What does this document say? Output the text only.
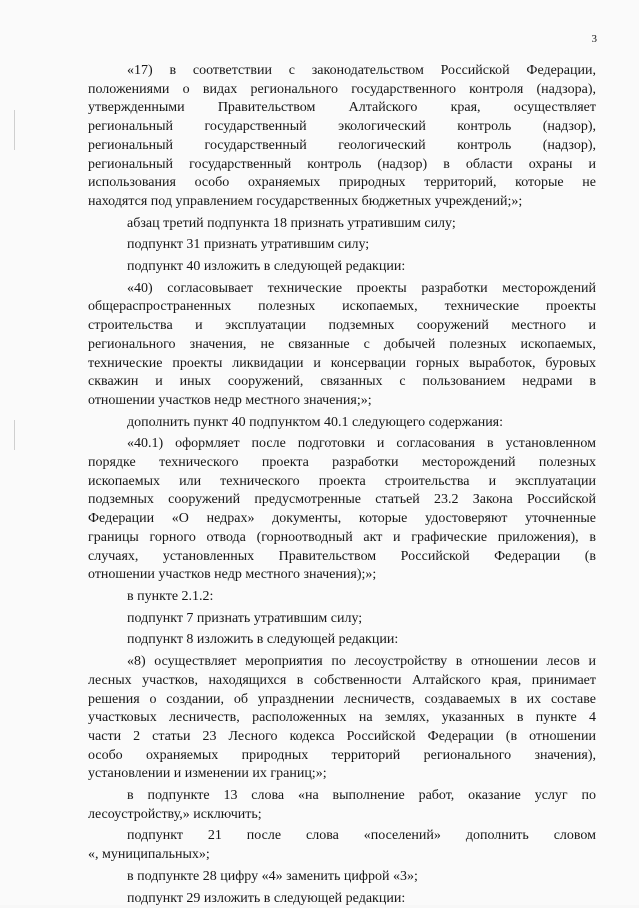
3
«17) в соответствии с законодательством Российской Федерации,
положениями о видах регионального государственного контроля (надзора),
утвержденными Правительством Алтайского края, осуществляет
региональный государственный экологический контроль (надзор),
региональный государственный геологический контроль (надзор),
региональный государственный контроль (надзор) в области охраны и
использования особо охраняемых природных территорий, которые не
находятся под управлением государственных бюджетных учреждений;»;
абзац третий подпункта 18 признать утратившим силу;
подпункт 31 признать утратившим силу;
подпункт 40 изложить в следующей редакции:
«40) согласовывает технические проекты разработки месторождений
общераспространенных полезных ископаемых, технические проекты
строительства и эксплуатации подземных сооружений местного и
регионального значения, не связанные с добычей полезных ископаемых,
технические проекты ликвидации и консервации горных выработок, буровых
скважин и иных сооружений, связанных с пользованием недрами в
отношении участков недр местного значения;»;
дополнить пункт 40 подпунктом 40.1 следующего содержания:
«40.1) оформляет после подготовки и согласования в установленном
порядке технического проекта разработки месторождений полезных
ископаемых или технического проекта строительства и эксплуатации
подземных сооружений предусмотренные статьей 23.2 Закона Российской
Федерации «О недрах» документы, которые удостоверяют уточненные
границы горного отвода (горноотводный акт и графические приложения), в
случаях, установленных Правительством Российской Федерации (в
отношении участков недр местного значения);»;
в пункте 2.1.2:
подпункт 7 признать утратившим силу;
подпункт 8 изложить в следующей редакции:
«8) осуществляет мероприятия по лесоустройству в отношении лесов и
лесных участков, находящихся в собственности Алтайского края, принимает
решения о создании, об упразднении лесничеств, создаваемых в их составе
участковых лесничеств, расположенных на землях, указанных в пункте 4
части 2 статьи 23 Лесного кодекса Российской Федерации (в отношении
особо охраняемых природных территорий регионального значения),
установлении и изменении их границ;»;
в подпункте 13 слова «на выполнение работ, оказание услуг по
лесоустройству,» исключить;
подпункт 21 после слова «поселений» дополнить словом
«, муниципальных»;
в подпункте 28 цифру «4» заменить цифрой «3»;
подпункт 29 изложить в следующей редакции:
